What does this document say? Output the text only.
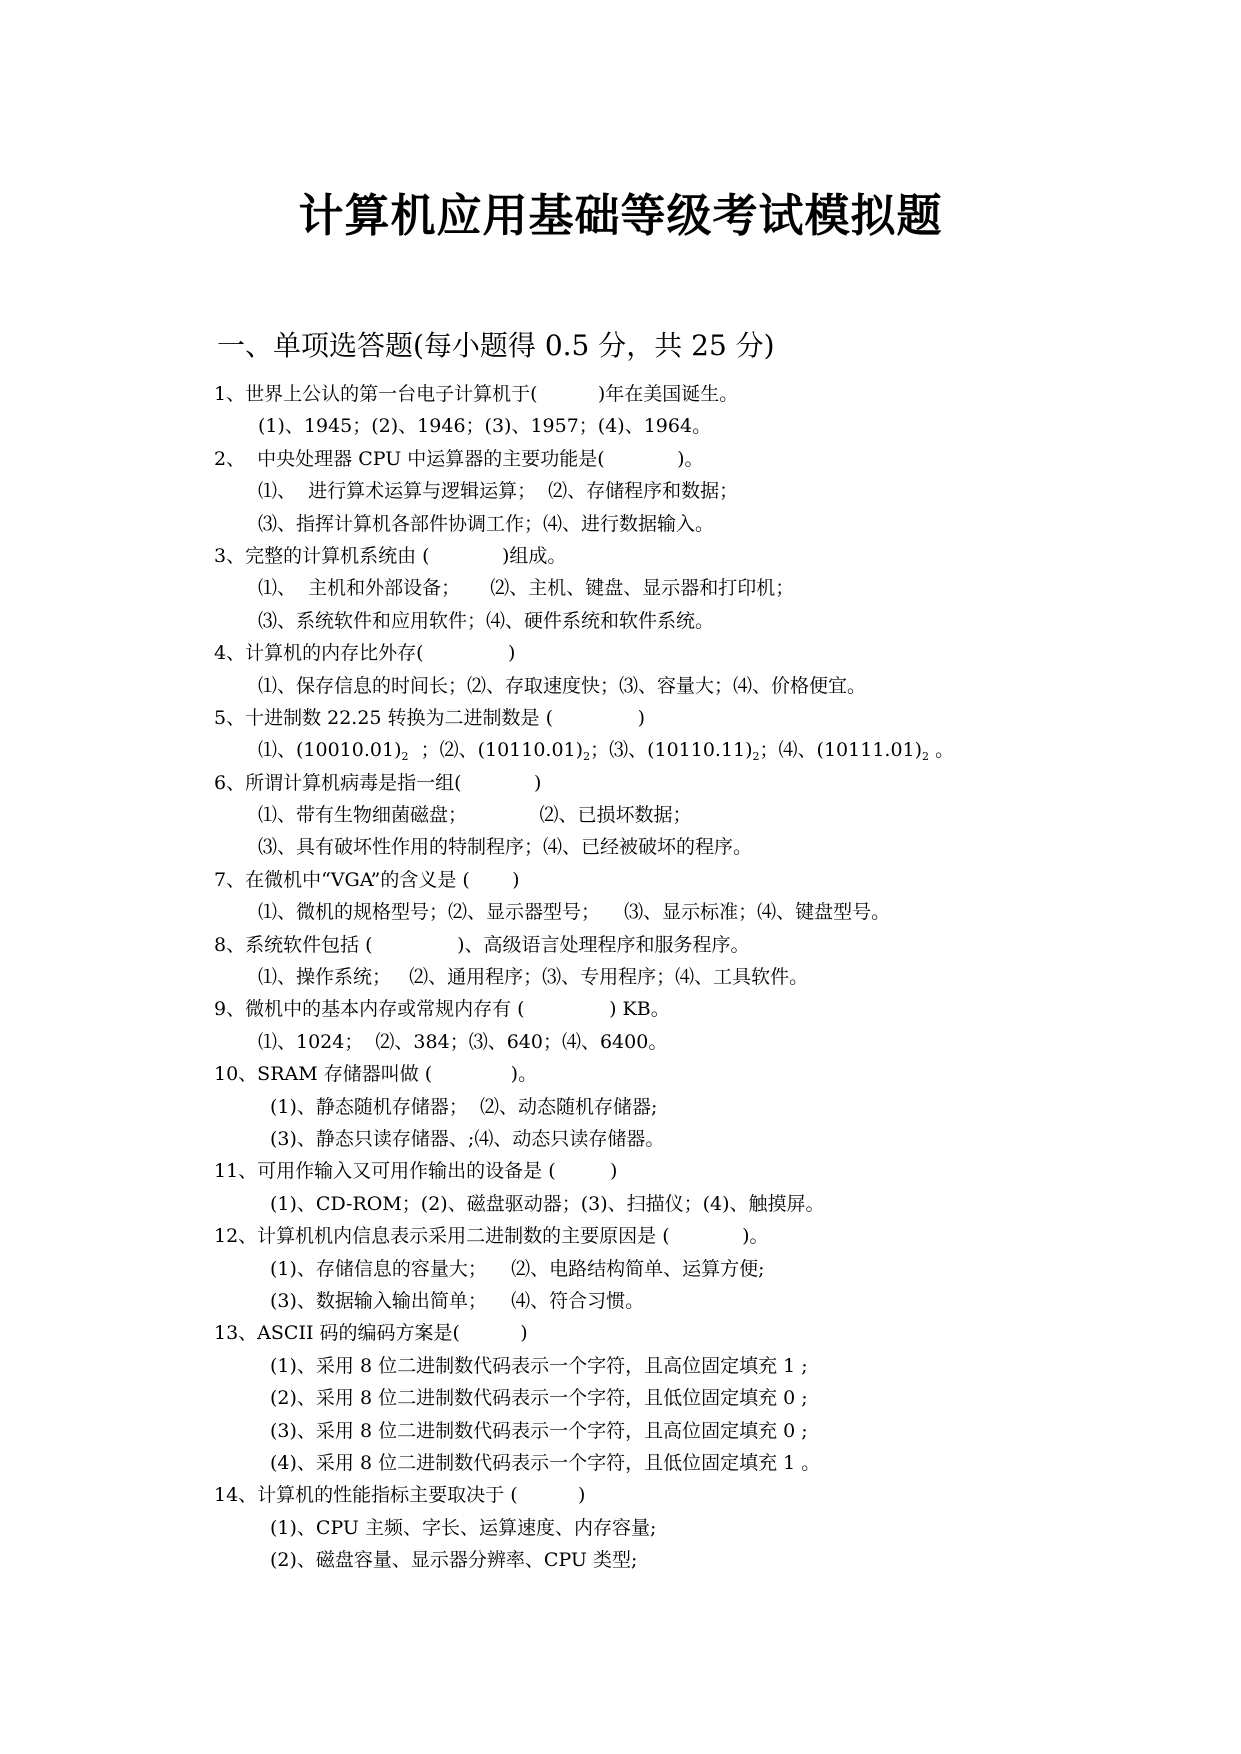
计算机应用基础等级考试模拟题
一、单项选答题(每小题得 0.5 分，共 25 分)
1、世界上公认的第一台电子计算机于(          )年在美国诞生。
(1)、1945；(2)、1946；(3)、1957；(4)、1964。
2、  中央处理器 CPU 中运算器的主要功能是(            )。
⑴、  进行算术运算与逻辑运算；  ⑵、存储程序和数据；
⑶、指挥计算机各部件协调工作；⑷、进行数据输入。
3、完整的计算机系统由 (            )组成。
⑴、  主机和外部设备；     ⑵、主机、键盘、显示器和打印机；
⑶、系统软件和应用软件；⑷、硬件系统和软件系统。
4、计算机的内存比外存(              )
⑴、保存信息的时间长；⑵、存取速度快；⑶、容量大；⑷、价格便宜。
5、十进制数 22.25 转换为二进制数是 (              )
⑴、$(10010.01)_2$  ；⑵、$(10110.01)_2$；⑶、$(10110.11)_2$；⑷、$(10111.01)_2$ 。
6、所谓计算机病毒是指一组(            )
⑴、带有生物细菌磁盘；            ⑵、已损坏数据；
⑶、具有破坏性作用的特制程序；⑷、已经被破坏的程序。
7、在微机中“VGA”的含义是 (       )
⑴、微机的规格型号；⑵、显示器型号；    ⑶、显示标准；⑷、键盘型号。
8、系统软件包括 (              )、高级语言处理程序和服务程序。
⑴、操作系统；   ⑵、通用程序；⑶、专用程序；⑷、工具软件。
9、微机中的基本内存或常规内存有 (              ) KB。
⑴、1024；  ⑵、384；⑶、640；⑷、6400。
10、SRAM 存储器叫做 (             )。
(1)、静态随机存储器；  ⑵、动态随机存储器;
(3)、静态只读存储器、;⑷、动态只读存储器。
11、可用作输入又可用作输出的设备是 (         )
(1)、CD-ROM；(2)、磁盘驱动器；(3)、扫描仪；(4)、触摸屏。
12、计算机机内信息表示采用二进制数的主要原因是 (            )。
(1)、存储信息的容量大；    ⑵、电路结构简单、运算方便;
(3)、数据输入输出简单；    ⑷、符合习惯。
13、ASCII 码的编码方案是(          )
(1)、采用 8 位二进制数代码表示一个字符，且高位固定填充 1 ;
(2)、采用 8 位二进制数代码表示一个字符，且低位固定填充 0 ;
(3)、采用 8 位二进制数代码表示一个字符，且高位固定填充 0 ;
(4)、采用 8 位二进制数代码表示一个字符，且低位固定填充 1 。
14、计算机的性能指标主要取决于 (          )
(1)、CPU 主频、字长、运算速度、内存容量;
(2)、磁盘容量、显示器分辨率、CPU 类型;
